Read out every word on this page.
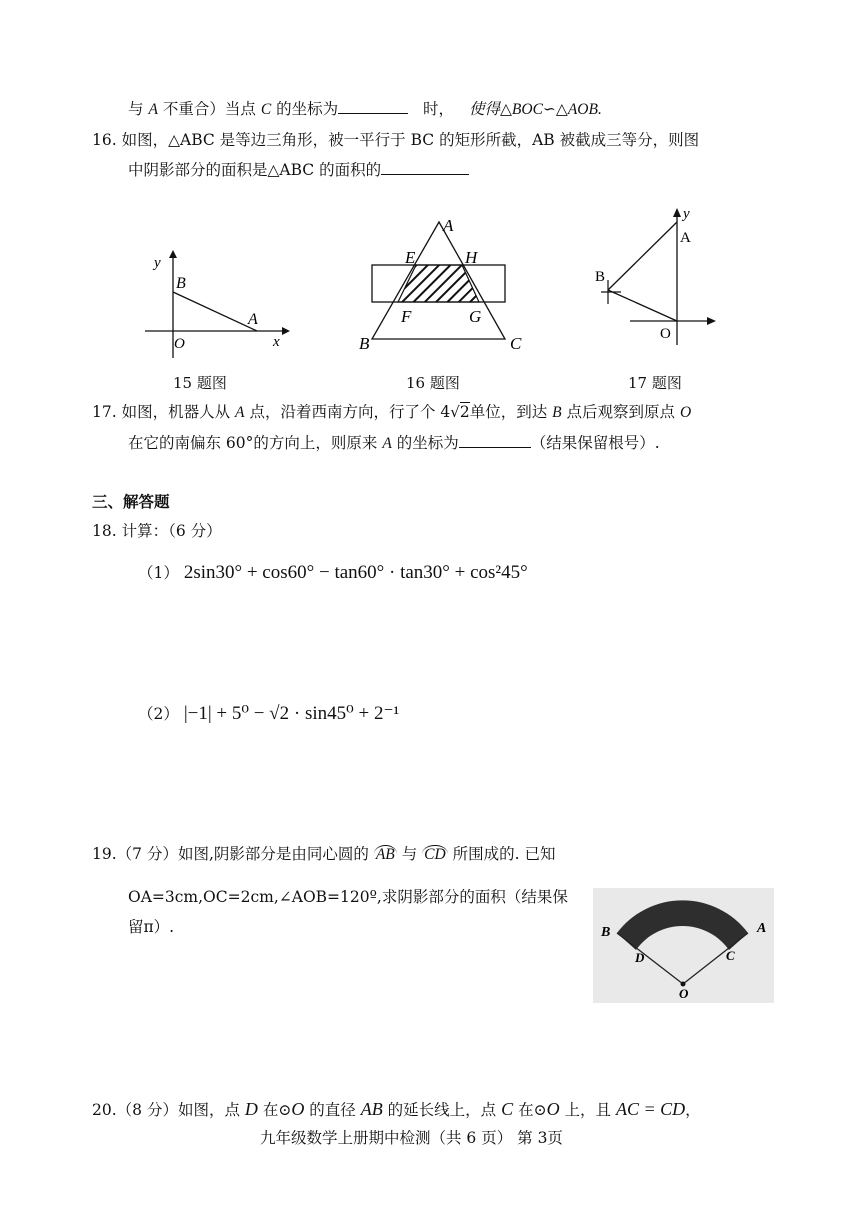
与 A 不重合）当点 C 的坐标为	时， 使得△BOC∽△AOB.
16. 如图，△ABC 是等边三角形，被一平行于 BC 的矩形所截，AB 被截成三等分，则图
中阴影部分的面积是△ABC 的面积的
y
x
B
A
O
15 题图
A
E	H
F	G
B	C
16 题图
y
A
B
O
17 题图
17. 如图，机器人从 A 点，沿着西南方向，行了个 4√2单位，到达 B 点后观察到原点 O
在它的南偏东 60°的方向上，则原来 A 的坐标为	（结果保留根号）.
三、解答题
18. 计算：（6 分）
（1） 2sin30° + cos60° − tan60° · tan30° + cos²45°
（2） |−1| + 5⁰ − √2 · sin45⁰ + 2⁻¹
19.（7 分）如图,阴影部分是由同心圆的 AB 与 CD 所围成的. 已知
OA=3cm,OC=2cm,∠AOB=120º,求阴影部分的面积（结果保
留π）.	B	A
D	C
O
20.（8 分）如图，点 D 在⊙O 的直径 AB 的延长线上，点 C 在⊙O 上，且 AC = CD，
九年级数学上册期中检测（共 6 页） 第 3页
